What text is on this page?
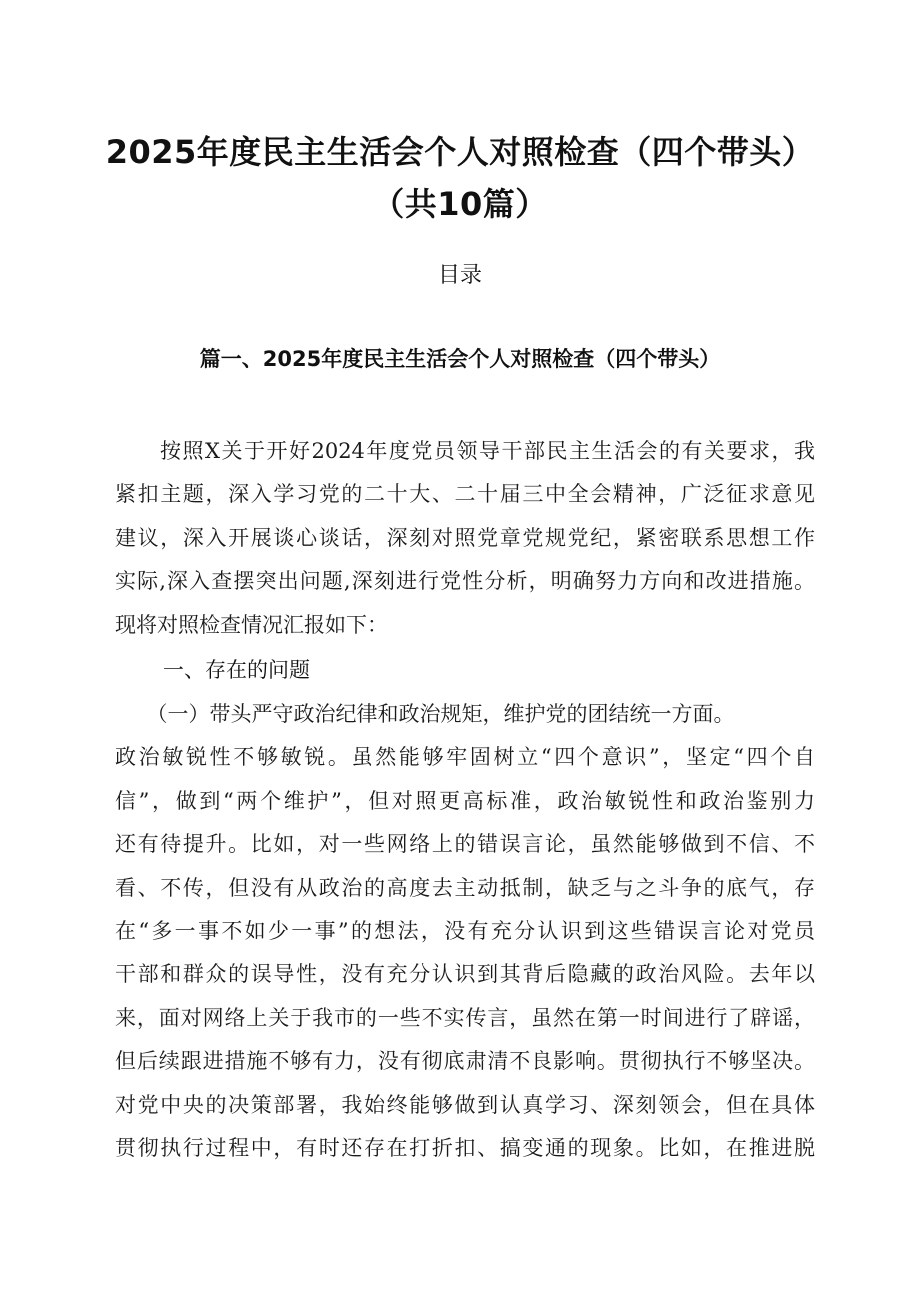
2025年度民主生活会个人对照检查（四个带头）
（共10篇）
目录
篇一、2025年度民主生活会个人对照检查（四个带头）
　　按照X关于开好2024年度党员领导干部民主生活会的有关要求，我
紧扣主题，深入学习党的二十大、二十届三中全会精神，广泛征求意见
建议，深入开展谈心谈话，深刻对照党章党规党纪，紧密联系思想工作
实际,深入查摆突出问题,深刻进行党性分析，明确努力方向和改进措施。
现将对照检查情况汇报如下：
一、存在的问题
　　（一）带头严守政治纪律和政治规矩，维护党的团结统一方面。
政治敏锐性不够敏锐。虽然能够牢固树立“四个意识”，坚定“四个自
信”，做到“两个维护”，但对照更高标准，政治敏锐性和政治鉴别力
还有待提升。比如，对一些网络上的错误言论，虽然能够做到不信、不
看、不传，但没有从政治的高度去主动抵制，缺乏与之斗争的底气，存
在“多一事不如少一事”的想法，没有充分认识到这些错误言论对党员
干部和群众的误导性，没有充分认识到其背后隐藏的政治风险。去年以
来，面对网络上关于我市的一些不实传言，虽然在第一时间进行了辟谣，
但后续跟进措施不够有力，没有彻底肃清不良影响。贯彻执行不够坚决。
对党中央的决策部署，我始终能够做到认真学习、深刻领会，但在具体
贯彻执行过程中，有时还存在打折扣、搞变通的现象。比如，在推进脱
